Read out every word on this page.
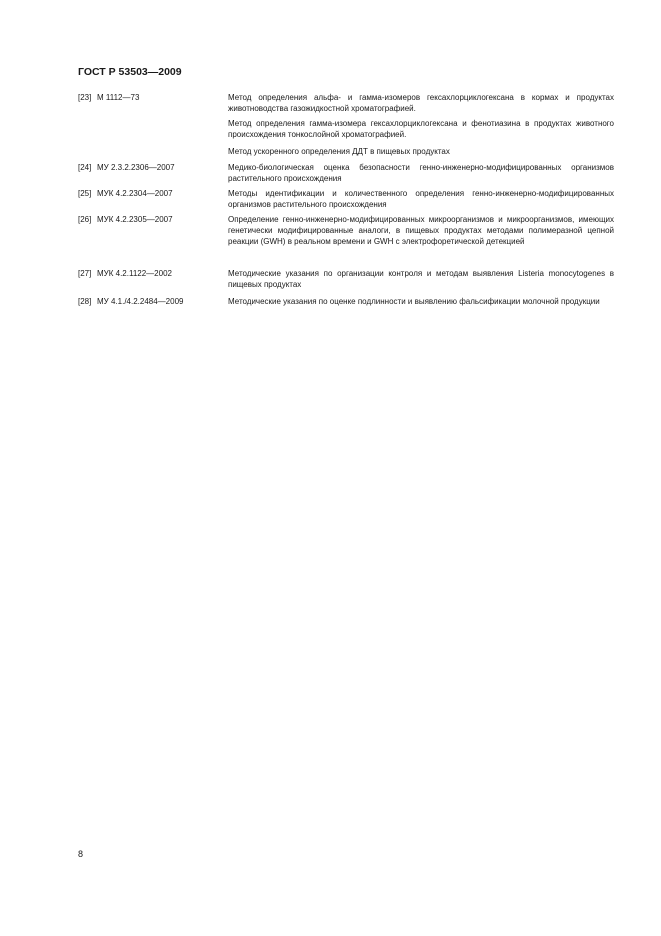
ГОСТ Р 53503—2009
[23] М 1112—73	Метод определения альфа- и гамма-изомеров гексахлорциклогексана в кормах и продуктах животноводства газожидкостной хроматографией.
Метод определения гамма-изомера гексахлорциклогексана и фенотиазина в продуктах животного происхождения тонкослойной хроматографией.
Метод ускоренного определения ДДТ в пищевых продуктах
[24] МУ 2.3.2.2306—2007	Медико-биологическая оценка безопасности генно-инженерно-модифицированных организмов растительного происхождения
[25] МУК 4.2.2304—2007	Методы идентификации и количественного определения генно-инженерно-модифицированных организмов растительного происхождения
[26] МУК 4.2.2305—2007	Определение генно-инженерно-модифицированных микроорганизмов и микроорганизмов, имеющих генетически модифицированные аналоги, в пищевых продуктах методами полимеразной цепной реакции (GWH) в реальном времени и GWH с электрофоретической детекцией
[27] МУК 4.2.1122—2002	Методические указания по организации контроля и методам выявления Listeria monocytogenes в пищевых продуктах
[28] МУ 4.1./4.2.2484—2009	Методические указания по оценке подлинности и выявлению фальсификации молочной продукции
8
